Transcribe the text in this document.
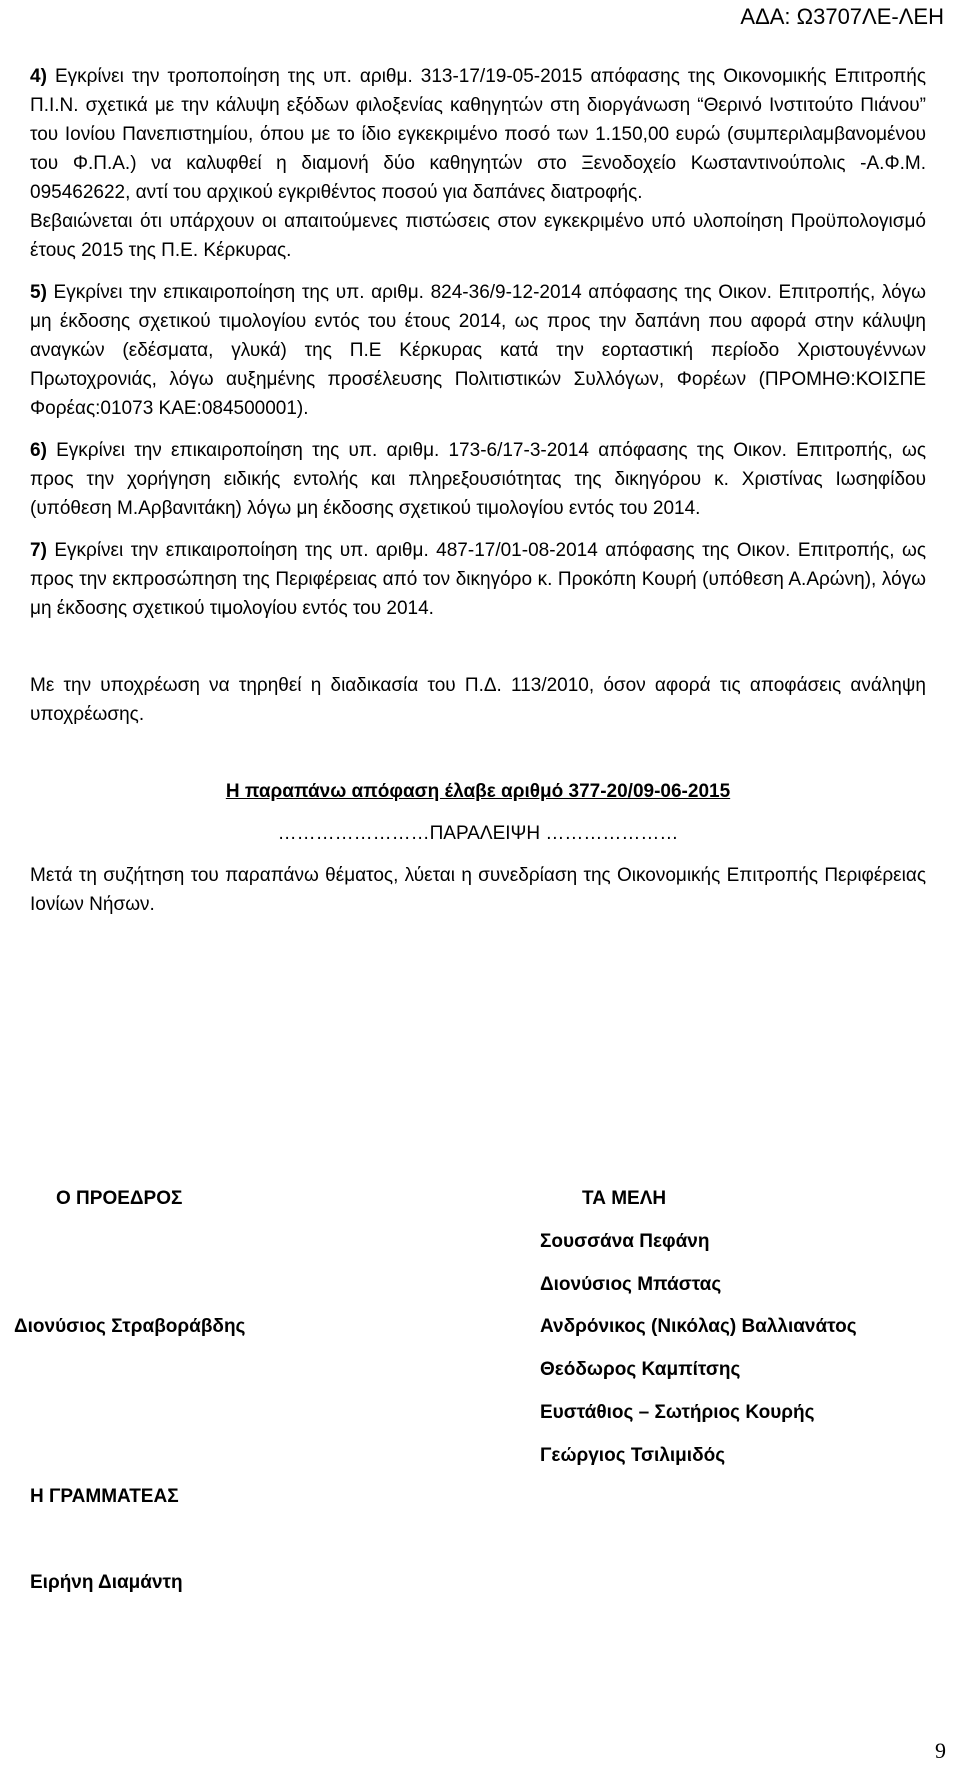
ΑΔΑ: Ω3707ΛΕ-ΛΕΗ

4) Εγκρίνει την τροποποίηση της υπ. αριθμ. 313-17/19-05-2015 απόφασης της Οικονομικής Επιτροπής Π.Ι.Ν. σχετικά με την κάλυψη εξόδων φιλοξενίας καθηγητών στη διοργάνωση “Θερινό Ινστιτούτο Πιάνου” του Ιονίου Πανεπιστημίου, όπου με το ίδιο εγκεκριμένο ποσό των 1.150,00 ευρώ (συμπεριλαμβανομένου του Φ.Π.Α.) να καλυφθεί η διαμονή δύο καθηγητών στο Ξενοδοχείο Κωσταντινούπολις -Α.Φ.Μ. 095462622, αντί του αρχικού εγκριθέντος ποσού για δαπάνες διατροφής.

Βεβαιώνεται ότι υπάρχουν οι απαιτούμενες πιστώσεις στον εγκεκριμένο υπό υλοποίηση Προϋπολογισμό έτους 2015 της Π.Ε. Κέρκυρας.

5) Εγκρίνει την επικαιροποίηση της υπ. αριθμ. 824-36/9-12-2014 απόφασης της Οικον. Επιτροπής, λόγω μη έκδοσης σχετικού τιμολογίου εντός του έτους 2014, ως προς την δαπάνη που αφορά στην κάλυψη αναγκών (εδέσματα, γλυκά) της Π.Ε Κέρκυρας κατά την εορταστική περίοδο Χριστουγέννων Πρωτοχρονιάς, λόγω αυξημένης προσέλευσης Πολιτιστικών Συλλόγων, Φορέων (ΠΡΟΜΗΘ:ΚΟΙΣΠΕ Φορέας:01073 ΚΑΕ:084500001).

6) Εγκρίνει την επικαιροποίηση της υπ. αριθμ. 173-6/17-3-2014 απόφασης της Οικον. Επιτροπής, ως προς την χορήγηση ειδικής εντολής και πληρεξουσιότητας της δικηγόρου κ. Χριστίνας Ιωσηφίδου (υπόθεση Μ.Αρβανιτάκη) λόγω μη έκδοσης σχετικού τιμολογίου εντός του 2014.

7) Εγκρίνει την επικαιροποίηση της υπ. αριθμ. 487-17/01-08-2014 απόφασης της Οικον. Επιτροπής, ως προς την εκπροσώπηση της Περιφέρειας από τον δικηγόρο κ. Προκόπη Κουρή (υπόθεση Α.Αρώνη), λόγω μη έκδοσης σχετικού τιμολογίου εντός του 2014.

Με την υποχρέωση να τηρηθεί η διαδικασία του Π.Δ. 113/2010, όσον αφορά τις αποφάσεις ανάληψη υποχρέωσης.

Η παραπάνω απόφαση έλαβε αριθμό 377-20/09-06-2015

……………………ΠΑΡΑΛΕΙΨΗ …………………

Μετά τη συζήτηση του παραπάνω θέματος, λύεται η συνεδρίαση της Οικονομικής Επιτροπής Περιφέρειας Ιονίων Νήσων.

Ο ΠΡΟΕΔΡΟΣ
Διονύσιος Στραβοράβδης
Η ΓΡΑΜΜΑΤΕΑΣ
Ειρήνη Διαμάντη
ΤΑ ΜΕΛΗ
Σουσσάνα Πεφάνη
Διονύσιος Μπάστας
Ανδρόνικος (Νικόλας) Βαλλιανάτος
Θεόδωρος Καμπίτσης
Ευστάθιος – Σωτήριος Κουρής
Γεώργιος Τσιλιμιδός
9
